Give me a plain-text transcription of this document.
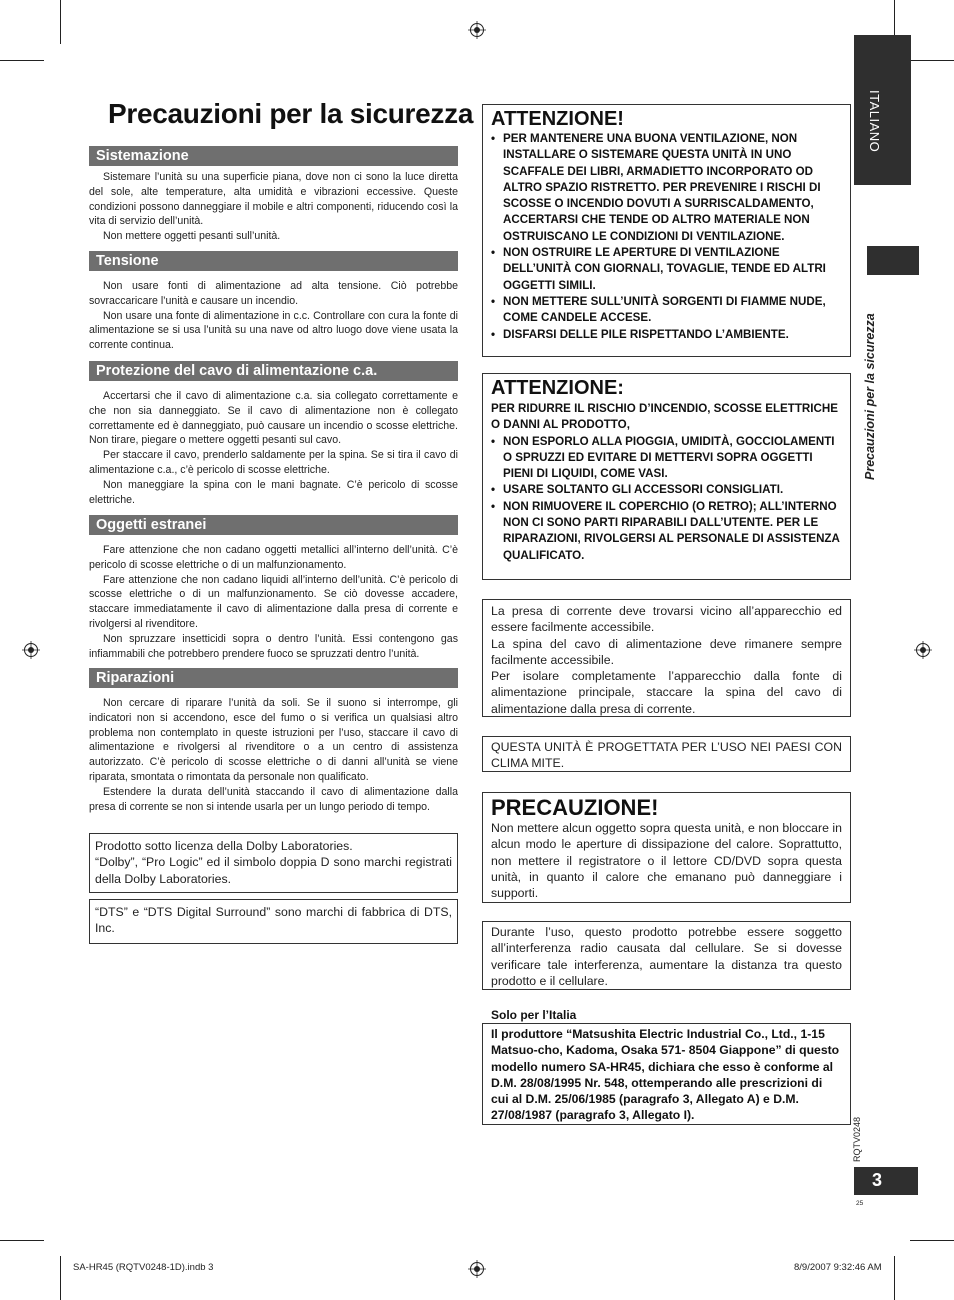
ITALIANO
Precauzioni per la sicurezza
RQTV0248
3
25
Precauzioni per la sicurezza
Sistemazione

Sistemare l’unità su una superficie piana, dove non ci sono la luce diretta del sole, alte temperature, alta umidità e vibrazioni eccessive. Queste condizioni possono danneggiare il mobile e altri componenti, riducendo così la vita di servizio dell’unità.

Non mettere oggetti pesanti sull’unità.

Tensione

Non usare fonti di alimentazione ad alta tensione. Ciò potrebbe sovraccaricare l’unità e causare un incendio.

Non usare una fonte di alimentazione in c.c. Controllare con cura la fonte di alimentazione se si usa l’unità su una nave od altro luogo dove viene usata la corrente continua.

Protezione del cavo di alimentazione c.a.

Accertarsi che il cavo di alimentazione c.a. sia collegato correttamente e che non sia danneggiato. Se il cavo di alimentazione non è collegato correttamente ed è danneggiato, può causare un incendio o scosse elettriche. Non tirare, piegare o mettere oggetti pesanti sul cavo.

Per staccare il cavo, prenderlo saldamente per la spina. Se si tira il cavo di alimentazione c.a., c’è pericolo di scosse elettriche.

Non maneggiare la spina con le mani bagnate. C’è pericolo di scosse elettriche.

Oggetti estranei

Fare attenzione che non cadano oggetti metallici all’interno dell’unità. C’è pericolo di scosse elettriche o di un malfunzionamento.

Fare attenzione che non cadano liquidi all’interno dell’unità. C’è pericolo di scosse elettriche o di un malfunzionamento. Se ciò dovesse accadere, staccare immediatamente il cavo di alimentazione dalla presa di corrente e rivolgersi al rivenditore.

Non spruzzare insetticidi sopra o dentro l’unità. Essi contengono gas infiammabili che potrebbero prendere fuoco se spruzzati dentro l’unità.

Riparazioni

Non cercare di riparare l’unità da soli. Se il suono si interrompe, gli indicatori non si accendono, esce del fumo o si verifica un qualsiasi altro problema non contemplato in queste istruzioni per l’uso, staccare il cavo di alimentazione e rivolgersi al rivenditore o a un centro di assistenza autorizzato. C’è pericolo di scosse elettriche o di danni all’unità se viene riparata, smontata o rimontata da personale non qualificato.

Estendere la durata dell’unità staccando il cavo di alimentazione dalla presa di corrente se non si intende usarla per un lungo periodo di tempo.

Prodotto sotto licenza della Dolby Laboratories.

“Dolby”, “Pro Logic” ed il simbolo doppia D sono marchi registrati della Dolby Laboratories.

“DTS” e “DTS Digital Surround” sono marchi di fabbrica di DTS, Inc.

ATTENZIONE!
• PER MANTENERE UNA BUONA VENTILAZIONE, NON INSTALLARE O SISTEMARE QUESTA UNITÀ IN UNO SCAFFALE DEI LIBRI, ARMADIETTO INCORPORATO OD ALTRO SPAZIO RISTRETTO. PER PREVENIRE I RISCHI DI SCOSSE O INCENDIO DOVUTI A SURRISCALDAMENTO, ACCERTARSI CHE TENDE OD ALTRO MATERIALE NON OSTRUISCANO LE CONDIZIONI DI VENTILAZIONE.
• NON OSTRUIRE LE APERTURE DI VENTILAZIONE DELL’UNITÀ CON GIORNALI, TOVAGLIE, TENDE ED ALTRI OGGETTI SIMILI.
• NON METTERE SULL’UNITÀ SORGENTI DI FIAMME NUDE, COME CANDELE ACCESE.
• DISFARSI DELLE PILE RISPETTANDO L’AMBIENTE.
ATTENZIONE:
PER RIDURRE IL RISCHIO D’INCENDIO, SCOSSE ELETTRICHE O DANNI AL PRODOTTO,
• NON ESPORLO ALLA PIOGGIA, UMIDITÀ, GOCCIOLAMENTI O SPRUZZI ED EVITARE DI METTERVI SOPRA OGGETTI PIENI DI LIQUIDI, COME VASI.
• USARE SOLTANTO GLI ACCESSORI CONSIGLIATI.
• NON RIMUOVERE IL COPERCHIO (O RETRO); ALL’INTERNO NON CI SONO PARTI RIPARABILI DALL’UTENTE. PER LE RIPARAZIONI, RIVOLGERSI AL PERSONALE DI ASSISTENZA QUALIFICATO.

La presa di corrente deve trovarsi vicino all’apparecchio ed essere facilmente accessibile.

La spina del cavo di alimentazione deve rimanere sempre facilmente accessibile.

Per isolare completamente l’apparecchio dalla fonte di alimentazione principale, staccare la spina del cavo di alimentazione dalla presa di corrente.

QUESTA UNITÀ È PROGETTATA PER L’USO NEI PAESI CON CLIMA MITE.

PRECAUZIONE!
Non mettere alcun oggetto sopra questa unità, e non bloccare in alcun modo le aperture di dissipazione del calore. Soprattutto, non mettere il registratore o il lettore CD/DVD sopra questa unità, in quanto il calore che emanano può danneggiare i supporti.

Durante l’uso, questo prodotto potrebbe essere soggetto all’interferenza radio causata dal cellulare. Se si dovesse verificare tale interferenza, aumentare la distanza tra questo prodotto e il cellulare.

Solo per l’Italia
Il produttore “Matsushita Electric Industrial Co., Ltd., 1-15 Matsuo-cho, Kadoma, Osaka 571- 8504 Giappone” di questo modello numero SA-HR45, dichiara che esso è conforme al D.M. 28/08/1995 Nr. 548, ottemperando alle prescrizioni di cui al D.M. 25/06/1985 (paragrafo 3, Allegato A) e D.M. 27/08/1987 (paragrafo 3, Allegato I).
SA-HR45 (RQTV0248-1D).indb 3	8/9/2007 9:32:46 AM
